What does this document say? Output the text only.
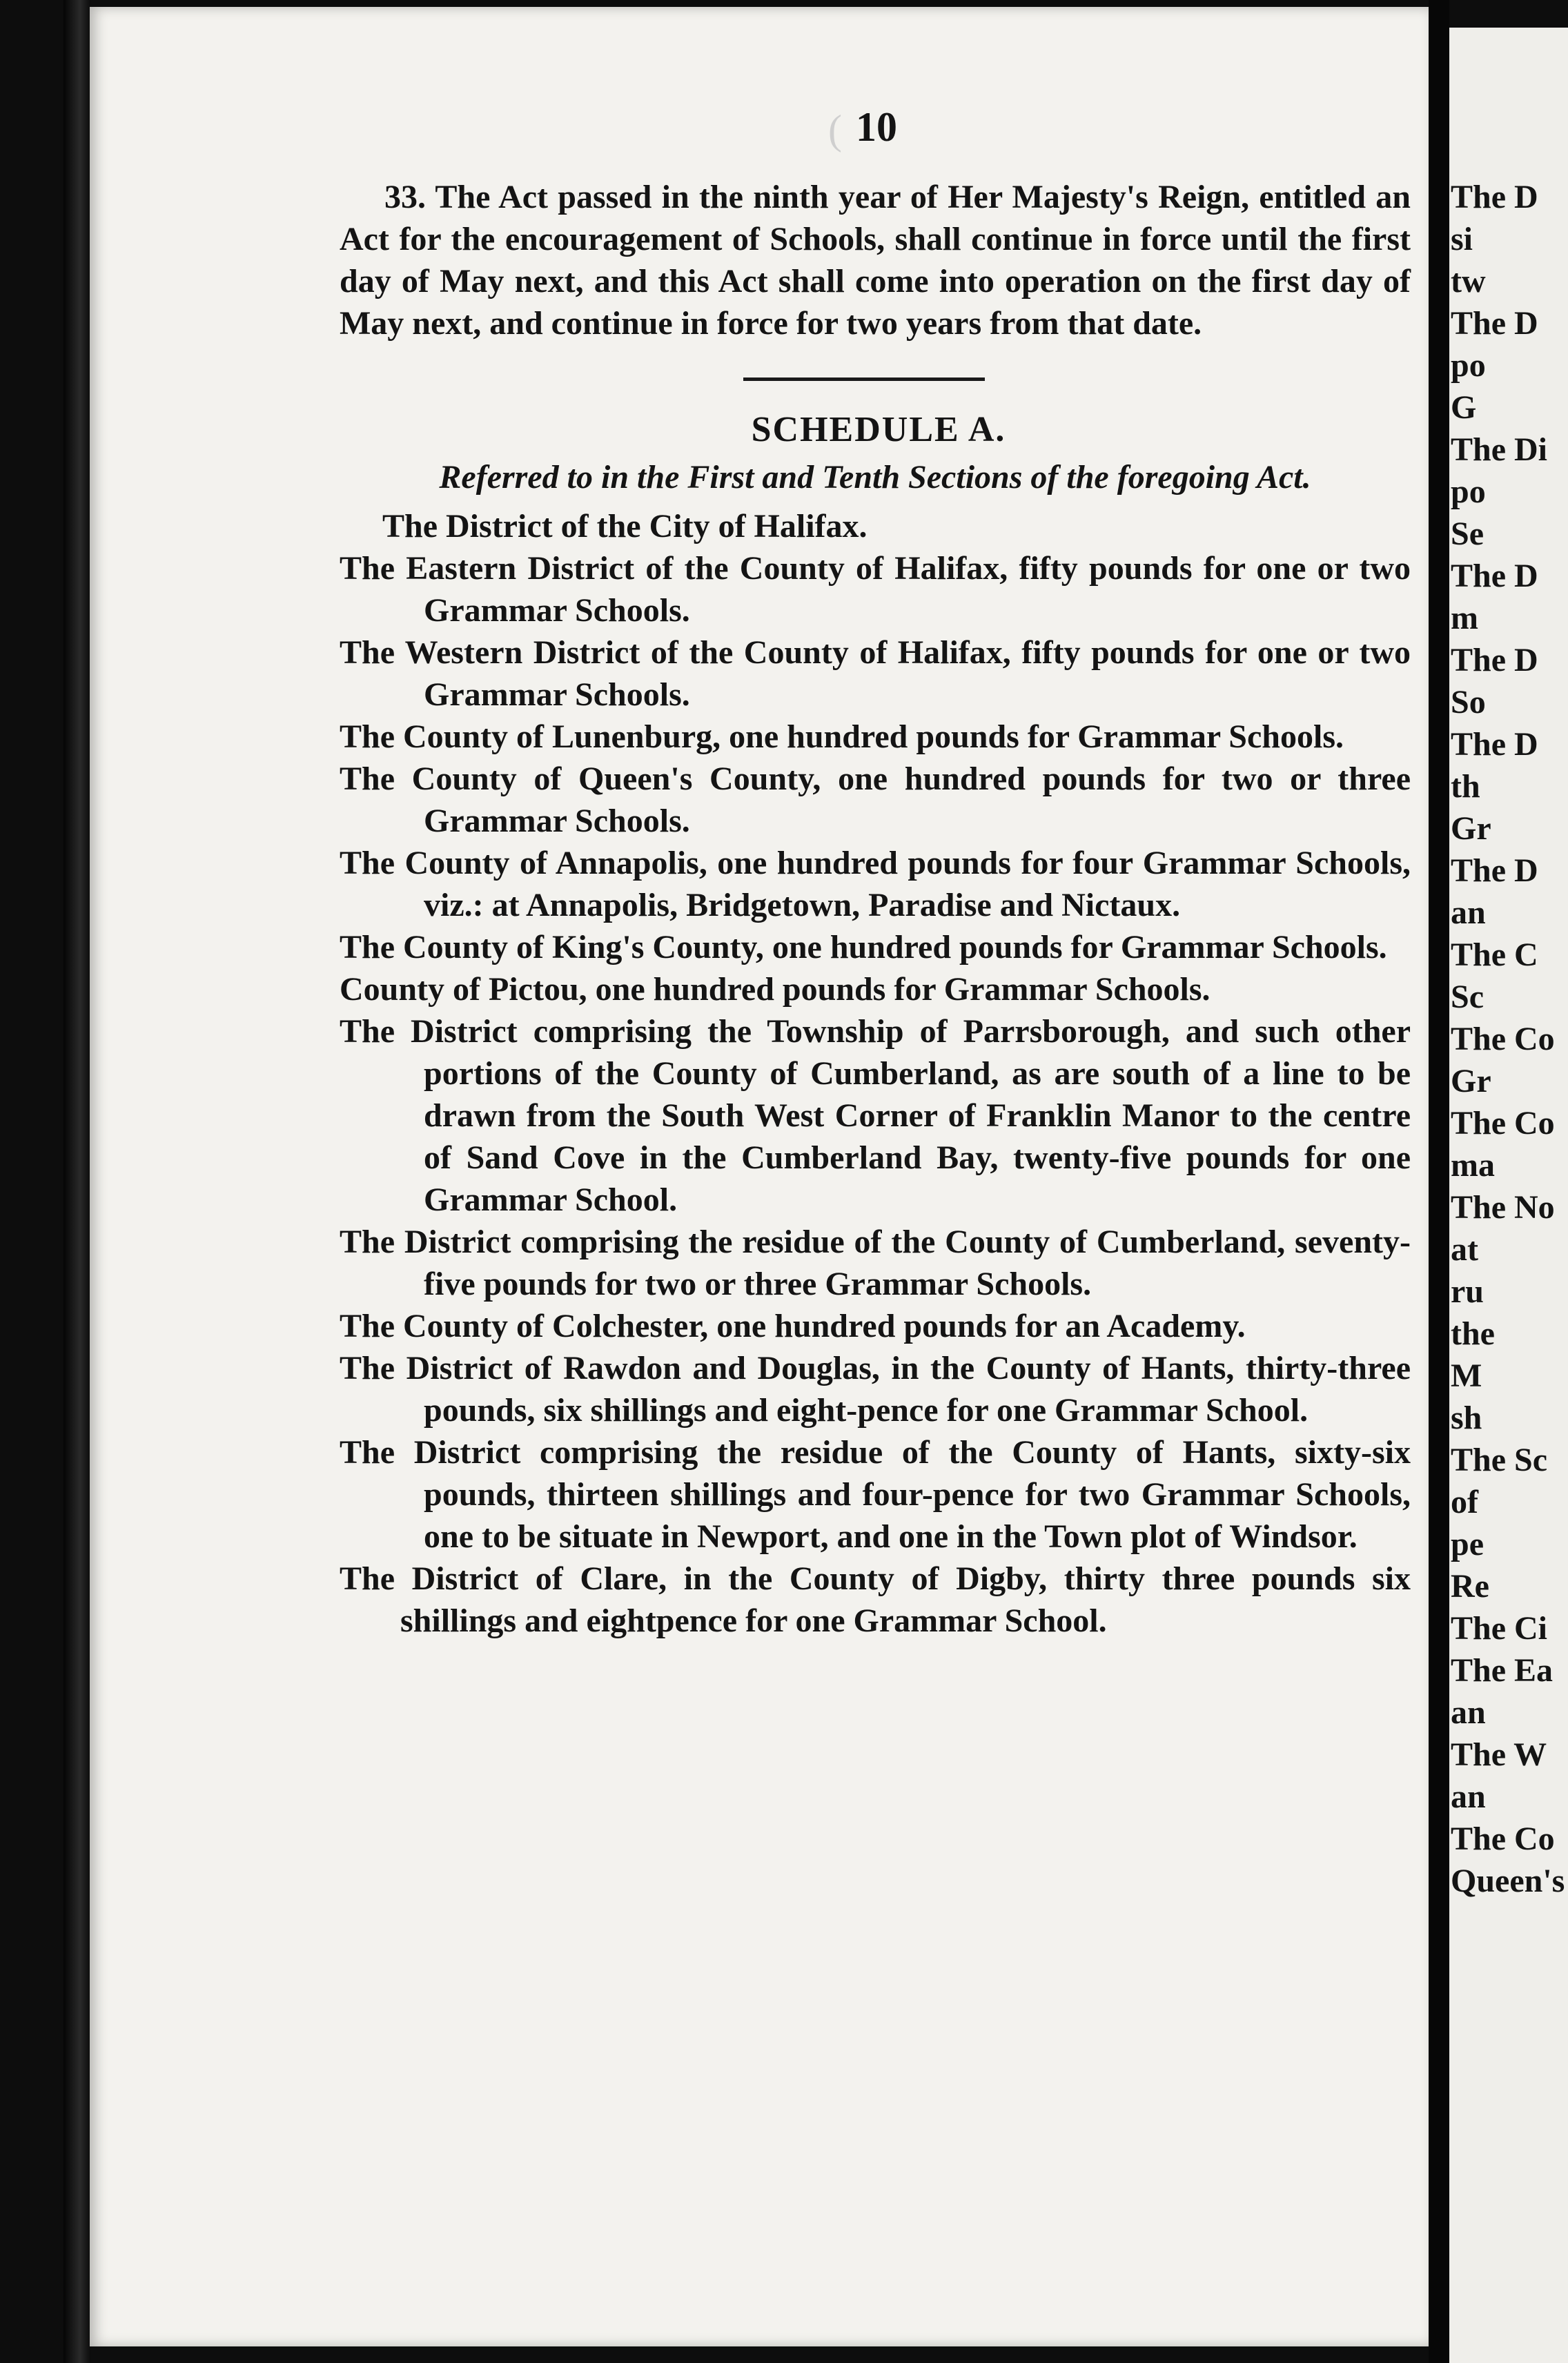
( 10

33. The Act passed in the ninth year of Her Majesty's Reign, entitled an Act for the encouragement of Schools, shall continue in force until the first day of May next, and this Act shall come into operation on the first day of May next, and continue in force for two years from that date.

SCHEDULE A.

Referred to in the First and Tenth Sections of the foregoing Act.

The District of the City of Halifax.

The Eastern District of the County of Halifax, fifty pounds for one or two Grammar Schools.

The Western District of the County of Halifax, fifty pounds for one or two Grammar Schools.

The County of Lunenburg, one hundred pounds for Grammar Schools.

The County of Queen's County, one hundred pounds for two or three Grammar Schools.

The County of Annapolis, one hundred pounds for four Grammar Schools, viz.: at Annapolis, Bridgetown, Paradise and Nictaux.

The County of King's County, one hundred pounds for Grammar Schools.

County of Pictou, one hundred pounds for Grammar Schools.

The District comprising the Township of Parrsborough, and such other portions of the County of Cumberland, as are south of a line to be drawn from the South West Corner of Franklin Manor to the centre of Sand Cove in the Cumberland Bay, twenty-five pounds for one Grammar School.

The District comprising the residue of the County of Cumberland, seventy-five pounds for two or three Grammar Schools.

The County of Colchester, one hundred pounds for an Academy.

The District of Rawdon and Douglas, in the County of Hants, thirty-three pounds, six shillings and eight-pence for one Grammar School.

The District comprising the residue of the County of Hants, sixty-six pounds, thirteen shillings and four-pence for two Grammar Schools, one to be situate in Newport, and one in the Town plot of Windsor.

The District of Clare, in the County of Digby, thirty three pounds six shillings and eightpence for one Grammar School.

The D
si
tw
The D
po
G
The Di
po
Se
The D
m
The D
So
The D
th
Gr
The D
an
The C
Sc
The Co
Gr
The Co
ma
The No
at
ru
the
M
sh
The Sc
of
pe
Re
The Ci
The Ea
an
The W
an
The Co
Queen's
